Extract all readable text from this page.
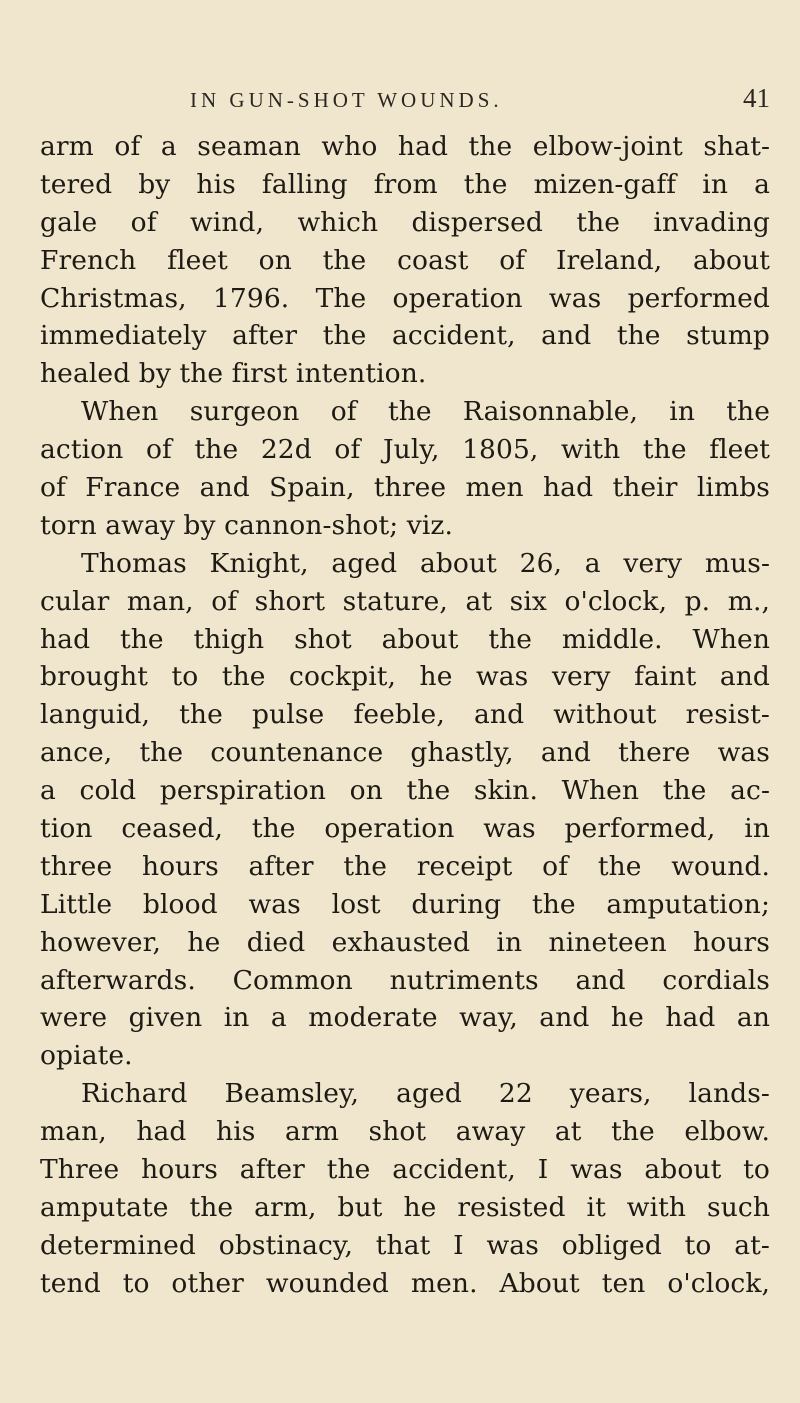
IN GUN-SHOT WOUNDS.	41
arm of a seaman who had the elbow-joint shat-
tered by his falling from the mizen-gaff in a
gale of wind, which dispersed the invading
French fleet on the coast of Ireland, about
Christmas, 1796. The operation was performed
immediately after the accident, and the stump
healed by the first intention.
When surgeon of the Raisonnable, in the
action of the 22d of July, 1805, with the fleet
of France and Spain, three men had their limbs
torn away by cannon-shot; viz.
Thomas Knight, aged about 26, a very mus-
cular man, of short stature, at six o'clock, p. m.,
had the thigh shot about the middle. When
brought to the cockpit, he was very faint and
languid, the pulse feeble, and without resist-
ance, the countenance ghastly, and there was
a cold perspiration on the skin. When the ac-
tion ceased, the operation was performed, in
three hours after the receipt of the wound.
Little blood was lost during the amputation;
however, he died exhausted in nineteen hours
afterwards. Common nutriments and cordials
were given in a moderate way, and he had an
opiate.
Richard Beamsley, aged 22 years, lands-
man, had his arm shot away at the elbow.
Three hours after the accident, I was about to
amputate the arm, but he resisted it with such
determined obstinacy, that I was obliged to at-
tend to other wounded men. About ten o'clock,
